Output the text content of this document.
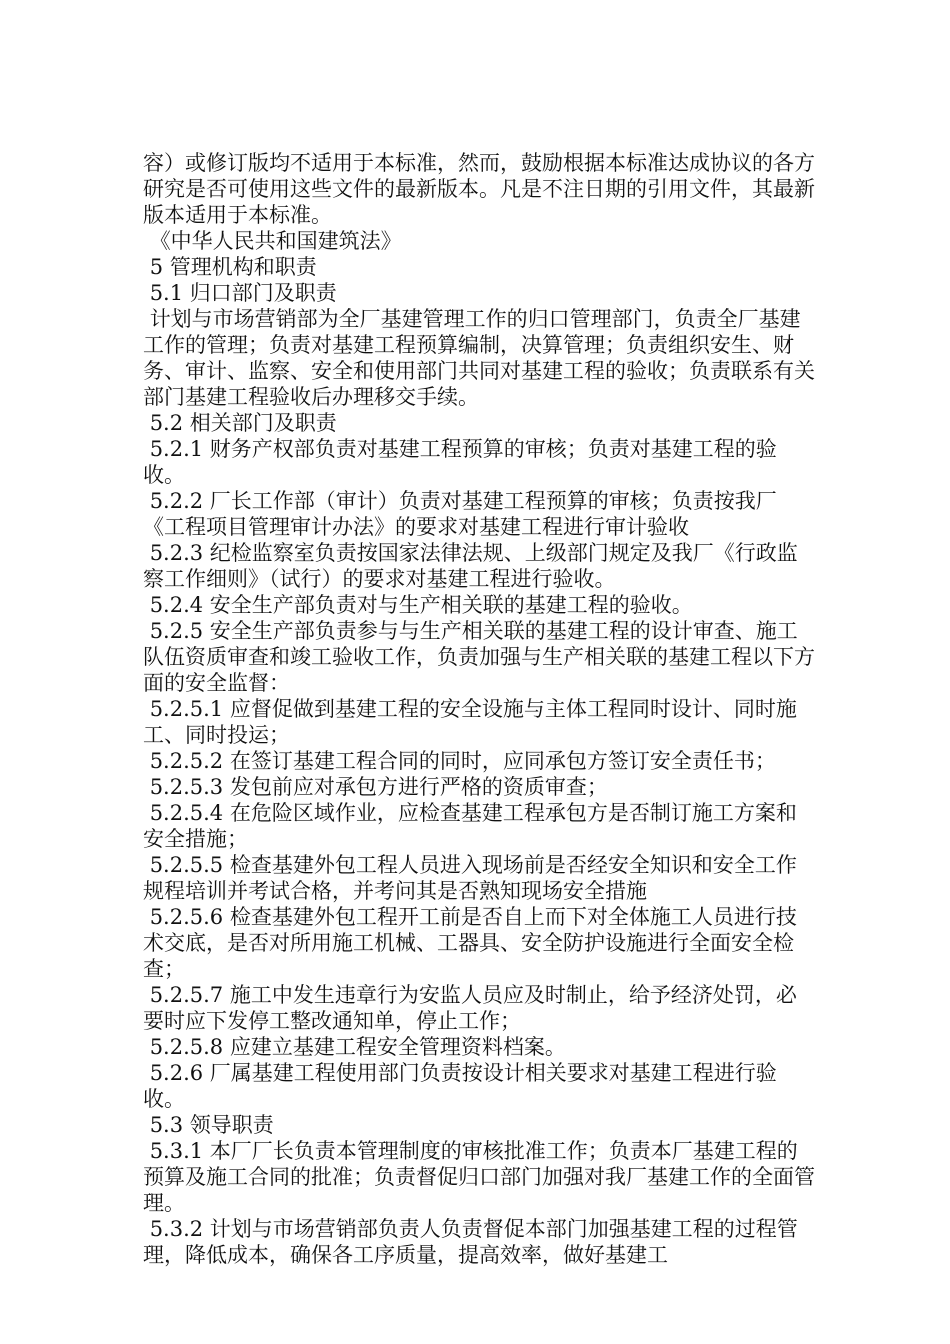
容）或修订版均不适用于本标准，然而，鼓励根据本标准达成协议的各方研究是否可使用这些文件的最新版本。凡是不注日期的引用文件，其最新版本适用于本标准。

《中华人民共和国建筑法》

5 管理机构和职责

5.1 归口部门及职责

计划与市场营销部为全厂基建管理工作的归口管理部门，负责全厂基建工作的管理；负责对基建工程预算编制，决算管理；负责组织安生、财务、审计、监察、安全和使用部门共同对基建工程的验收；负责联系有关部门基建工程验收后办理移交手续。

5.2 相关部门及职责

5.2.1 财务产权部负责对基建工程预算的审核；负责对基建工程的验收。

5.2.2 厂长工作部（审计）负责对基建工程预算的审核；负责按我厂《工程项目管理审计办法》的要求对基建工程进行审计验收

5.2.3 纪检监察室负责按国家法律法规、上级部门规定及我厂《行政监察工作细则》（试行）的要求对基建工程进行验收。

5.2.4 安全生产部负责对与生产相关联的基建工程的验收。

5.2.5 安全生产部负责参与与生产相关联的基建工程的设计审查、施工队伍资质审查和竣工验收工作，负责加强与生产相关联的基建工程以下方面的安全监督：

5.2.5.1 应督促做到基建工程的安全设施与主体工程同时设计、同时施工、同时投运；

5.2.5.2 在签订基建工程合同的同时，应同承包方签订安全责任书；

5.2.5.3 发包前应对承包方进行严格的资质审查；

5.2.5.4 在危险区域作业，应检查基建工程承包方是否制订施工方案和安全措施；

5.2.5.5 检查基建外包工程人员进入现场前是否经安全知识和安全工作规程培训并考试合格，并考问其是否熟知现场安全措施

5.2.5.6 检查基建外包工程开工前是否自上而下对全体施工人员进行技术交底，是否对所用施工机械、工器具、安全防护设施进行全面安全检查；

5.2.5.7 施工中发生违章行为安监人员应及时制止，给予经济处罚，必要时应下发停工整改通知单，停止工作；

5.2.5.8 应建立基建工程安全管理资料档案。

5.2.6 厂属基建工程使用部门负责按设计相关要求对基建工程进行验收。

5.3 领导职责

5.3.1 本厂厂长负责本管理制度的审核批准工作；负责本厂基建工程的预算及施工合同的批准；负责督促归口部门加强对我厂基建工作的全面管理。

5.3.2 计划与市场营销部负责人负责督促本部门加强基建工程的过程管理，降低成本，确保各工序质量，提高效率，做好基建工
